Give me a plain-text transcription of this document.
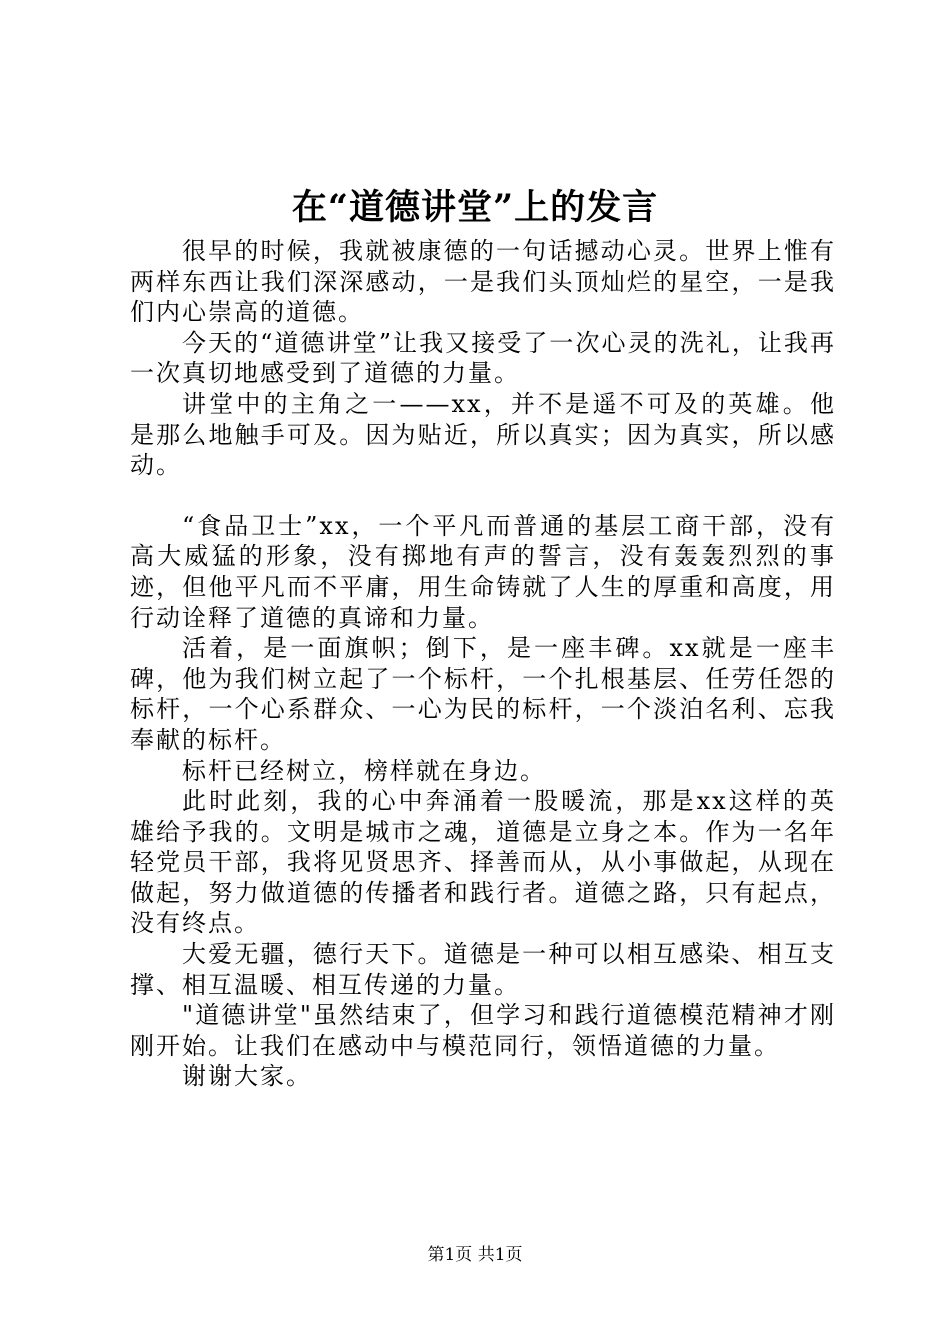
在“道德讲堂”上的发言

很早的时候，我就被康德的一句话撼动心灵。世界上惟有两样东西让我们深深感动，一是我们头顶灿烂的星空，一是我们内心崇高的道德。

今天的“道德讲堂”让我又接受了一次心灵的洗礼，让我再一次真切地感受到了道德的力量。

讲堂中的主角之一——xx，并不是遥不可及的英雄。他是那么地触手可及。因为贴近，所以真实；因为真实，所以感动。

“食品卫士”xx，一个平凡而普通的基层工商干部，没有高大威猛的形象，没有掷地有声的誓言，没有轰轰烈烈的事迹，但他平凡而不平庸，用生命铸就了人生的厚重和高度，用行动诠释了道德的真谛和力量。

活着，是一面旗帜；倒下，是一座丰碑。xx就是一座丰碑，他为我们树立起了一个标杆，一个扎根基层、任劳任怨的标杆，一个心系群众、一心为民的标杆，一个淡泊名利、忘我奉献的标杆。

标杆已经树立，榜样就在身边。

此时此刻，我的心中奔涌着一股暖流，那是xx这样的英雄给予我的。文明是城市之魂，道德是立身之本。作为一名年轻党员干部，我将见贤思齐、择善而从，从小事做起，从现在做起，努力做道德的传播者和践行者。道德之路，只有起点，没有终点。

大爱无疆，德行天下。道德是一种可以相互感染、相互支撑、相互温暖、相互传递的力量。

"道德讲堂"虽然结束了，但学习和践行道德模范精神才刚刚开始。让我们在感动中与模范同行，领悟道德的力量。

谢谢大家。

第1页 共1页
